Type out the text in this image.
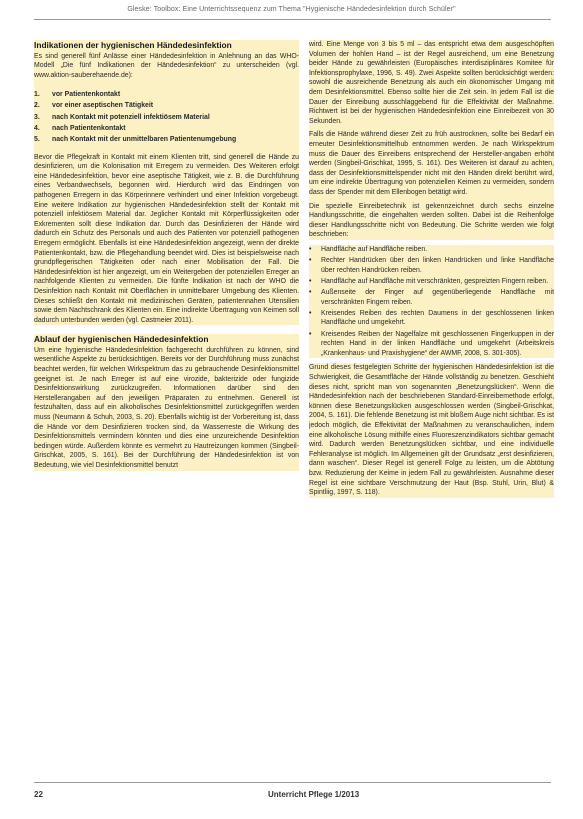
Gleske: Toolbox: Eine Unterrichtssequenz zum Thema "Hygienische Händedesinfektion durch Schüler"
Indikationen der hygienischen Händedesinfektion

Es sind generell fünf Anlässe einer Händedesinfektion in Anlehnung an das WHO-Modell „Die fünf Indikationen der Händedesinfektion“ zu unterscheiden (vgl. www.aktion-sauberehaende.de):

1.	vor Patientenkontakt
2.	vor einer aseptischen Tätigkeit
3.	nach Kontakt mit potenziell infektiösem Material
4.	nach Patientenkontakt
5.	nach Kontakt mit der unmittelbaren Patientenumgebung

Bevor die Pflegekraft in Kontakt mit einem Klienten tritt, sind generell die Hände zu desinfizieren, um die Kolonisation mit Erregern zu vermeiden. Des Weiteren erfolgt eine Händedesinfektion, bevor eine aseptische Tätigkeit, wie z. B. die Durchführung eines Verbandwechsels, begonnen wird. Hierdurch wird das Eindringen von pathogenen Erregern in das Körperinnere verhindert und einer Infektion vorgebeugt. Eine weitere Indikation zur hygienischen Händedesinfektion stellt der Kontakt mit potenziell infektiösem Material dar. Jeglicher Kontakt mit Körperflüssigkeiten oder Exkrementen sollt diese Indikation dar. Durch das Desinfizieren der Hände wird dadurch ein Schutz des Personals und auch des Patienten vor potenziell pathogenen Erregern ermöglicht. Ebenfalls ist eine Händedesinfektion angezeigt, wenn der direkte Patientenkontakt, bzw. die Pflegehandlung beendet wird. Dies ist beispielsweise nach grundpflegerischen Tätigkeiten oder nach einer Mobilisation der Fall. Die Händedesinfektion ist hier angezeigt, um ein Weitergeben der potenziellen Erreger an nachfolgende Klienten zu vermeiden. Die fünfte Indikation ist nach der WHO die Desinfektion nach Kontakt mit Oberflächen in unmittelbarer Umgebung des Klienten. Dieses schließt den Kontakt mit medizinischen Geräten, patientennahen Utensilien sowie dem Nachtschrank des Klienten ein. Eine indirekte Übertragung von Keimen soll dadurch unterbunden werden (vgl. Castmeier 2011).

Ablauf der hygienischen Händedesinfektion

Um eine hygienische Händedesinfektion fachgerecht durchführen zu können, sind wesentliche Aspekte zu berücksichtigen. Bereits vor der Durchführung muss zunächst beachtet werden, für welchen Wirkspektrum das zu gebrauchende Desinfektionsmittel geeignet ist. Je nach Erreger ist auf eine virozide, bakterizide oder fungizide Desinfektionswirkung zurückzugreifen. Informationen darüber sind den Herstellerangaben auf den jeweiligen Präparaten zu entnehmen. Generell ist festzuhalten, dass auf ein alkoholisches Desinfektionsmittel zurückgegriffen werden muss (Neumann & Schuh, 2003, S. 20). Ebenfalls wichtig ist der Vorbereitung ist, dass die Hände vor dem Desinfizieren trocken sind, da Wasserreste die Wirkung des Desinfektionsmittels vermindern könnten und dies eine unzureichende Desinfektion bedingen würde. Außerdem könnte es vermehrt zu Hautreizungen kommen (Singbeil-Grischkat, 2005, S. 161). Bei der Durchführung der Händedesinfektion ist von Bedeutung, wie viel Desinfektionsmittel benutzt

wird. Eine Menge von 3 bis 5 ml – das entspricht etwa dem ausgeschöpften Volumen der hohlen Hand – ist der Regel ausreichend, um eine Benetzung beider Hände zu gewährleisten (Europäisches interdisziplinäres Komitee für Infektionsprophylaxe, 1996, S. 49). Zwei Aspekte sollten berücksichtigt werden: sowohl die ausreichende Benetzung als auch ein ökonomischer Umgang mit dem Desinfektionsmittel. Ebenso sollte hier die Zeit sein. In jedem Fall ist die Dauer der Einreibung ausschlaggebend für die Effektivität der Maßnahme. Richtwert ist bei der hygienischen Händedesinfektion eine Einreibezeit von 30 Sekunden.

Falls die Hände während dieser Zeit zu früh austrocknen, sollte bei Bedarf ein erneuter Desinfektionsmittelhub entnommen werden. Je nach Wirkspektrum muss die Dauer des Einreibens entsprechend der Hersteller-angaben erhöht werden (Singbeil-Grischkat, 1995, S. 161). Des Weiteren ist darauf zu achten, dass der Desinfektionsmittelspender nicht mit den Händen direkt berührt wird, um eine indirekte Übertragung von potenziellen Keimen zu vermeiden, sondern dass der Spender mit dem Ellenbogen betätigt wird.

Die spezielle Einreibetechnik ist gekennzeichnet durch sechs einzelne Handlungsschritte, die eingehalten werden sollten. Dabei ist die Reihenfolge dieser Handlungsschritte nicht von Bedeutung. Die Schritte werden wie folgt beschrieben:

•	Handfläche auf Handfläche reiben.
•	Rechter Handrücken über den linken Handrücken und linke Handfläche über rechten Handrücken reiben.
•	Handfläche auf Handfläche mit verschränkten, gespreizten Fingern reiben.
•	Außenseite der Finger auf gegenüberliegende Handfläche mit verschränkten Fingern reiben.
•	Kreisendes Reiben des rechten Daumens in der geschlossenen linken Handfläche und umgekehrt.
•	Kreisendes Reiben der Nagelfalze mit geschlossenen Fingerkuppen in der rechten Hand in der linken Handfläche und umgekehrt (Arbeitskreis „Krankenhaus- und Praxishygiene“ der AWMF, 2008, S. 301-305).

Grund dieses festgelegten Schritte der hygienischen Händedesinfektion ist die Schwierigkeit, die Gesamtfläche der Hände vollständig zu benetzen. Geschieht dieses nicht, spricht man von sogenannten „Benetzungslücken“. Wenn die Händedesinfektion nach der beschriebenen Standard-Einreibemethode erfolgt, können diese Benetzungslücken ausgeschlossen werden (Singbeil-Grischkat, 2004, S. 161). Die fehlende Benetzung ist mit bloßem Auge nicht sichtbar. Es ist jedoch möglich, die Effektivität der Maßnahmen zu veranschaulichen, indem eine alkoholische Lösung mithilfe eines Fluoreszenzindikators sichtbar gemacht wird. Dadurch werden Benetzungslücken sichtbar, und eine individuelle Fehleranalyse ist möglich. Im Allgemeinen gilt der Grundsatz „erst desinfizieren, dann waschen“. Dieser Regel ist generell Folge zu leisten, um die Abtötung bzw. Reduzierung der Keime in jedem Fall zu gewährleisten. Ausnahme dieser Regel ist eine sichtbare Verschmutzung der Haut (Bsp. Stuhl, Urin, Blut) & Spintliig, 1997, S. 118).

22	Unterricht Pflege 1/2013
